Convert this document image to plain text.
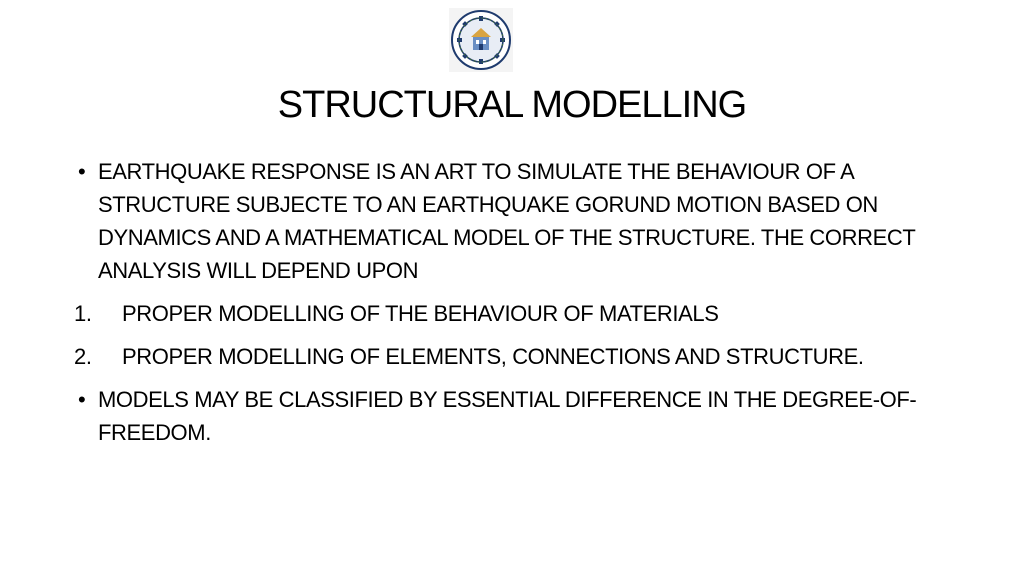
STRUCTURAL MODELLING
• EARTHQUAKE RESPONSE IS AN ART TO SIMULATE THE BEHAVIOUR OF A STRUCTURE SUBJECTE TO AN EARTHQUAKE GORUND MOTION BASED ON DYNAMICS AND A MATHEMATICAL MODEL OF THE STRUCTURE. THE CORRECT ANALYSIS WILL DEPEND UPON
1. PROPER MODELLING OF THE BEHAVIOUR OF MATERIALS
2. PROPER MODELLING OF ELEMENTS, CONNECTIONS AND STRUCTURE.
• MODELS MAY BE CLASSIFIED BY ESSENTIAL DIFFERENCE IN THE DEGREE-OF-FREEDOM.
